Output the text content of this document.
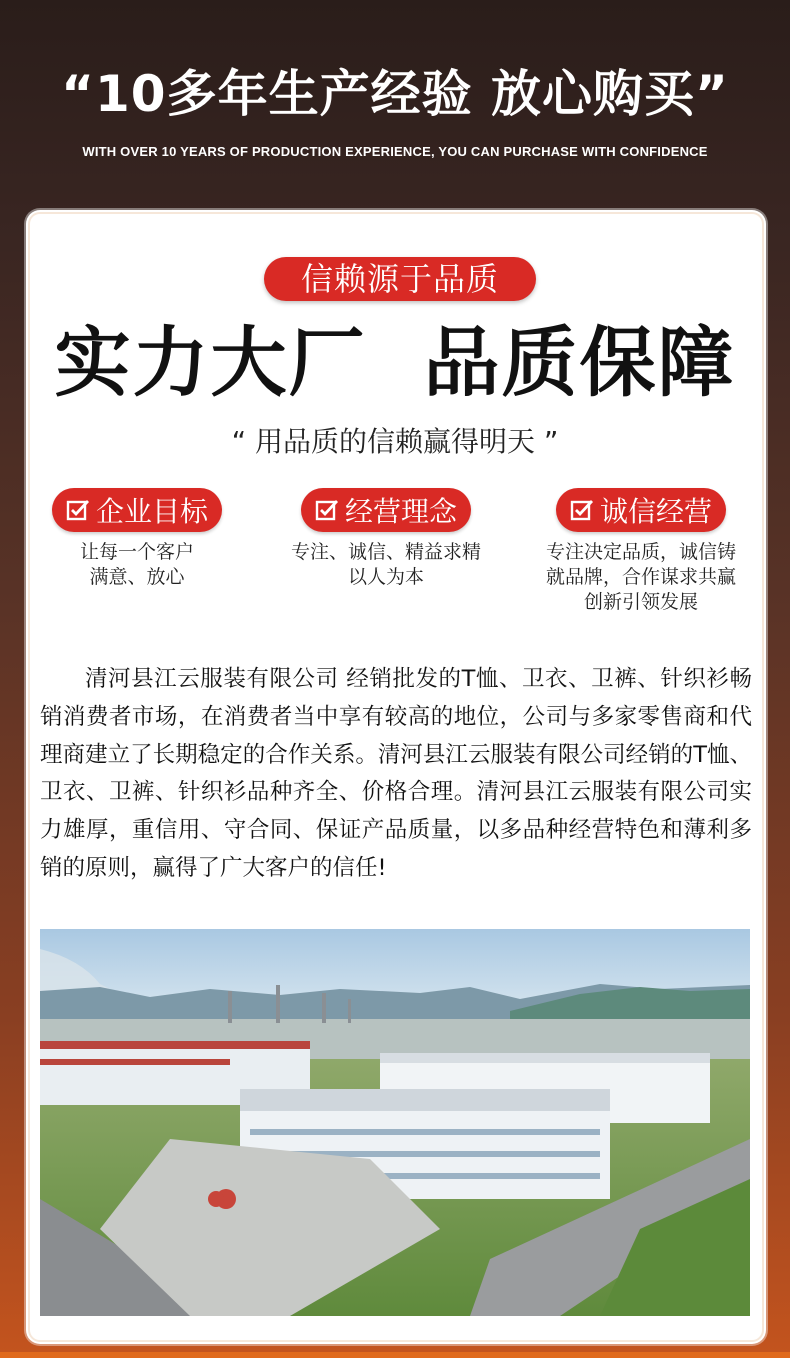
“10多年生产经验 放心购买”
WITH OVER 10 YEARS OF PRODUCTION EXPERIENCE, YOU CAN PURCHASE WITH CONFIDENCE
信赖源于品质
实力大厂  品质保障
“ 用品质的信赖赢得明天 ”
企业目标
让每一个客户
满意、放心
经营理念
专注、诚信、精益求精
以人为本
诚信经营
专注决定品质，诚信铸
就品牌，合作谋求共赢
创新引领发展
清河县江云服装有限公司 经销批发的T恤、卫衣、卫裤、针织衫畅销消费者市场，在消费者当中享有较高的地位，公司与多家零售商和代理商建立了长期稳定的合作关系。清河县江云服装有限公司经销的T恤、卫衣、卫裤、针织衫品种齐全、价格合理。清河县江云服装有限公司实力雄厚，重信用、守合同、保证产品质量，以多品种经营特色和薄利多销的原则，赢得了广大客户的信任!
